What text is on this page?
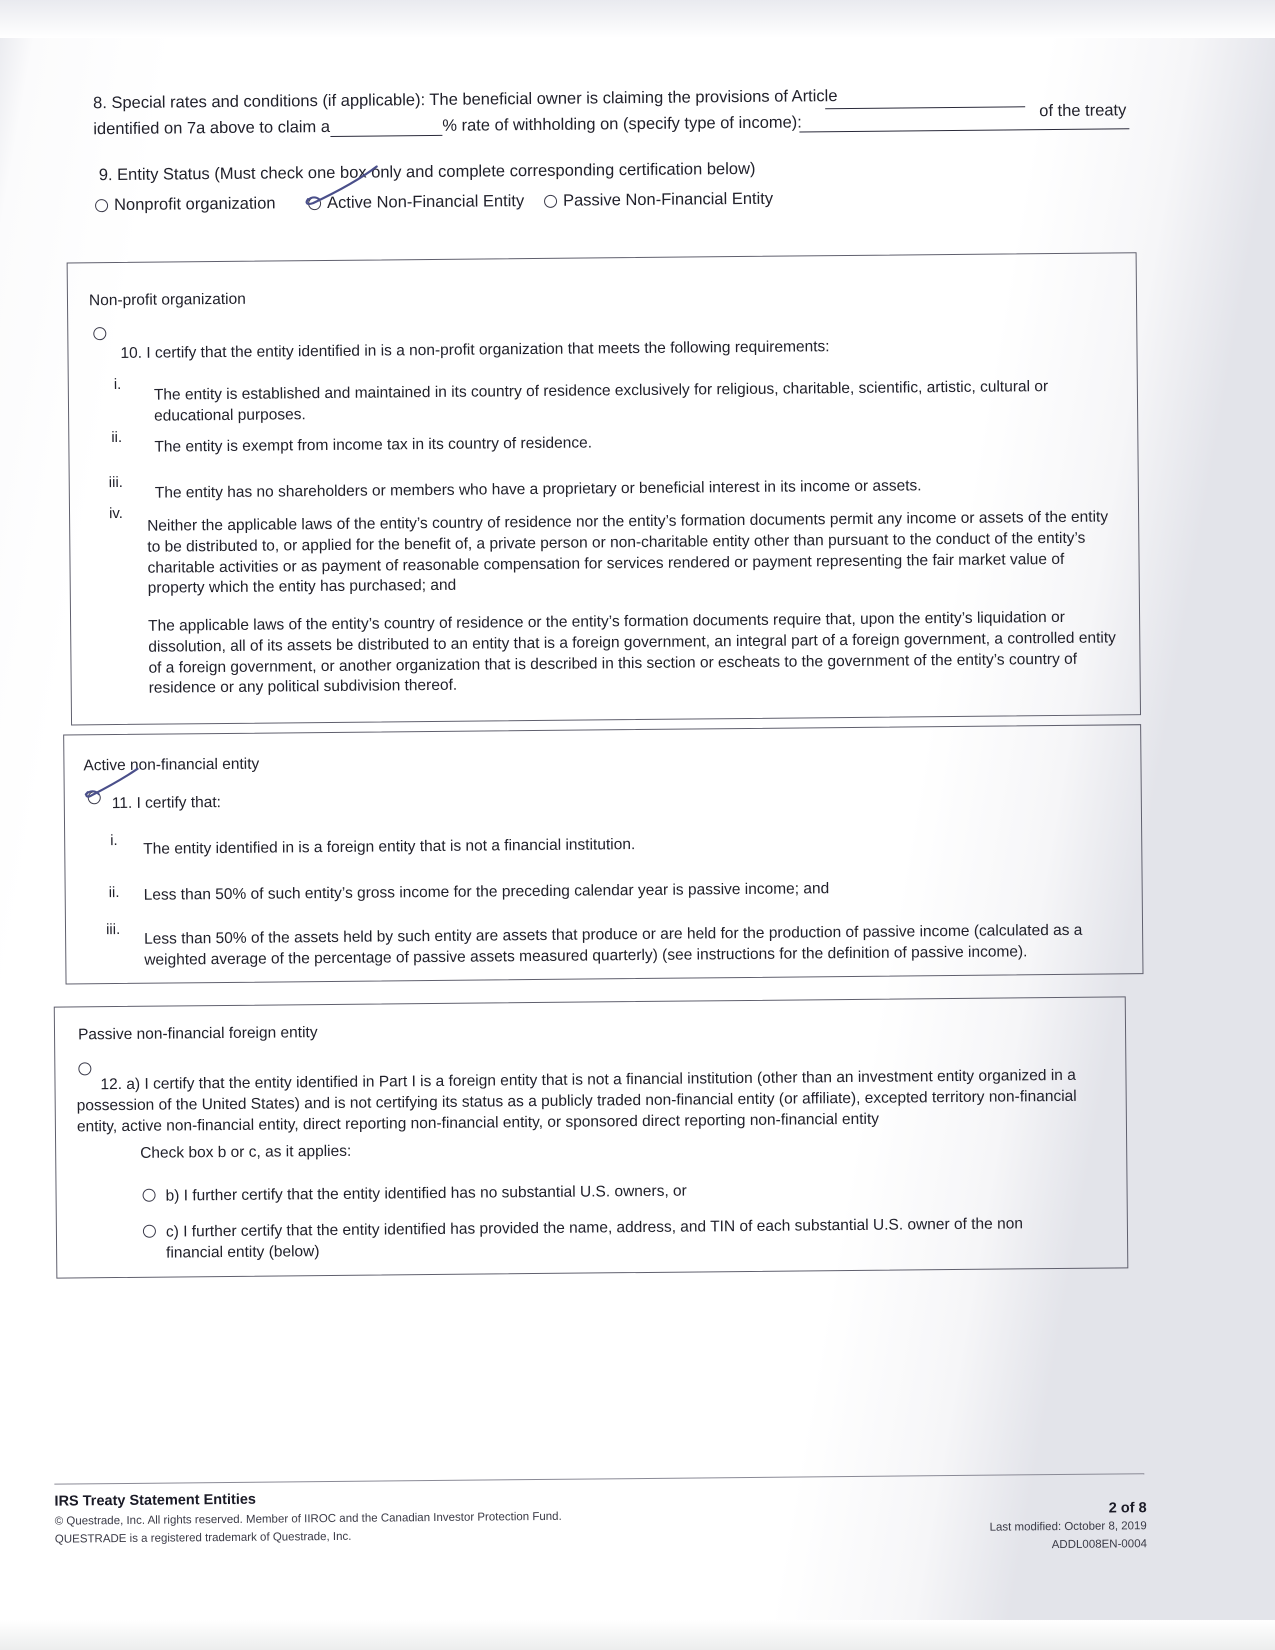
8. Special rates and conditions (if applicable): The beneficial owner is claiming the provisions of Article	of the treaty
identified on 7a above to claim a	% rate of withholding on (specify type of income):
9. Entity Status (Must check one box only and complete corresponding certification below)
Nonprofit organization	Active Non-Financial Entity Passive Non-Financial Entity
Non-profit organization
10. I certify that the entity identified in is a non-profit organization that meets the following requirements:
i. The entity is established and maintained in its country of residence exclusively for religious, charitable, scientific, artistic, cultural or educational purposes.
ii. The entity is exempt from income tax in its country of residence.
iii. The entity has no shareholders or members who have a proprietary or beneficial interest in its income or assets.
iv. Neither the applicable laws of the entity’s country of residence nor the entity’s formation documents permit any income or assets of the entity to be distributed to, or applied for the benefit of, a private person or non-charitable entity other than pursuant to the conduct of the entity’s charitable activities or as payment of reasonable compensation for services rendered or payment representing the fair market value of property which the entity has purchased; and
The applicable laws of the entity’s country of residence or the entity’s formation documents require that, upon the entity’s liquidation or dissolution, all of its assets be distributed to an entity that is a foreign government, an integral part of a foreign government, a controlled entity of a foreign government, or another organization that is described in this section or escheats to the government of the entity’s country of residence or any political subdivision thereof.
Active non-financial entity
11. I certify that:
i. The entity identified in is a foreign entity that is not a financial institution.
ii. Less than 50% of such entity’s gross income for the preceding calendar year is passive income; and
iii. Less than 50% of the assets held by such entity are assets that produce or are held for the production of passive income (calculated as a weighted average of the percentage of passive assets measured quarterly) (see instructions for the definition of passive income).
Passive non-financial foreign entity
12. a) I certify that the entity identified in Part I is a foreign entity that is not a financial institution (other than an investment entity organized in a possession of the United States) and is not certifying its status as a publicly traded non-financial entity (or affiliate), excepted territory non-financial entity, active non-financial entity, direct reporting non-financial entity, or sponsored direct reporting non-financial entity
Check box b or c, as it applies:
b) I further certify that the entity identified has no substantial U.S. owners, or
c) I further certify that the entity identified has provided the name, address, and TIN of each substantial U.S. owner of the non financial entity (below)
IRS Treaty Statement Entities
© Questrade, Inc. All rights reserved. Member of IIROC and the Canadian Investor Protection Fund.
QUESTRADE is a registered trademark of Questrade, Inc.
2 of 8
Last modified: October 8, 2019
ADDL008EN-0004
